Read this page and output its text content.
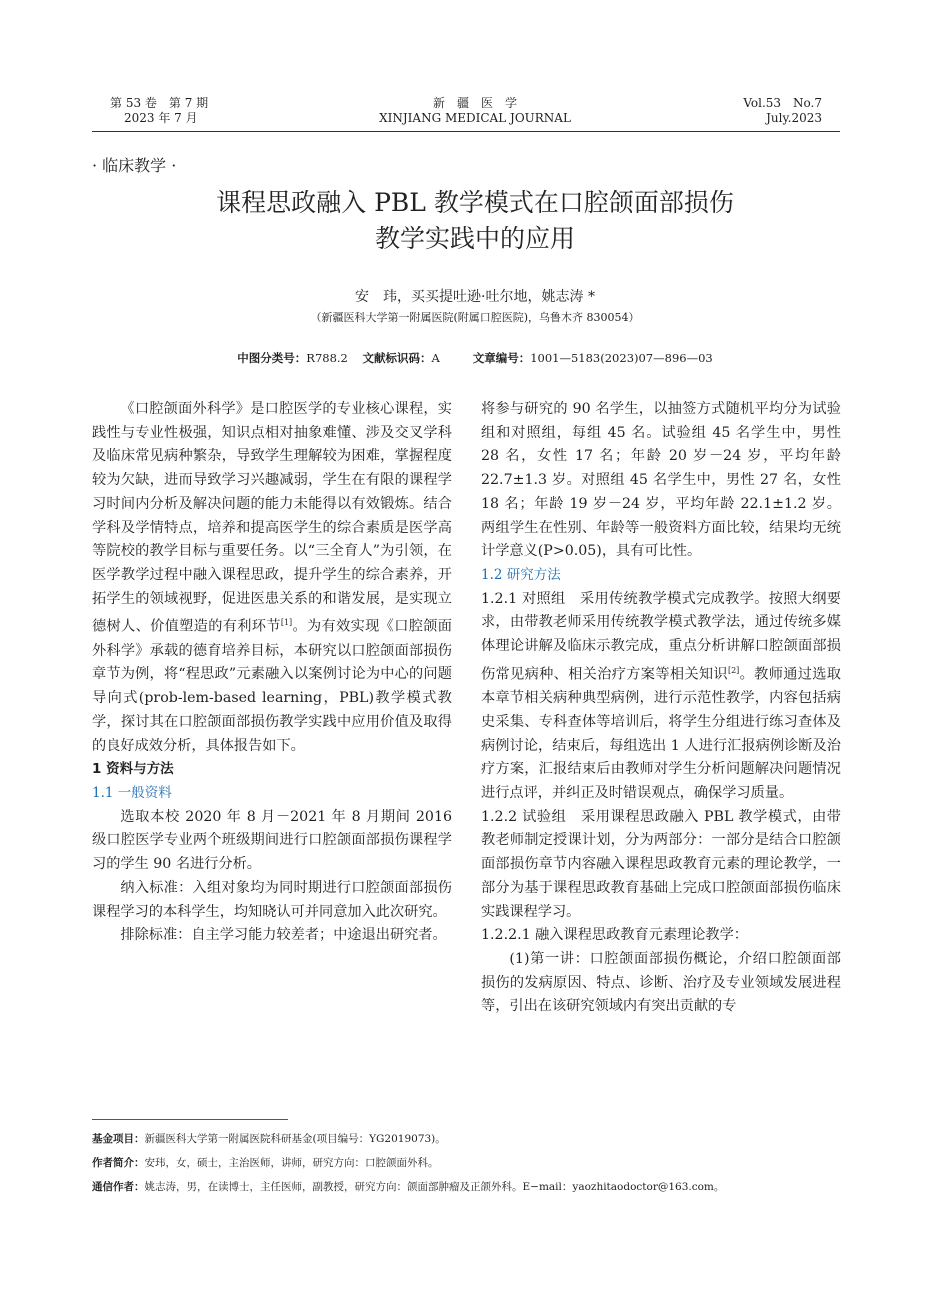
第 53 卷　第 7 期
2023 年 7 月
新　疆　医　学
XINJIANG MEDICAL JOURNAL
Vol.53　No.7
July.2023
· 临床教学 ·
课程思政融入 PBL 教学模式在口腔颌面部损伤
教学实践中的应用
安　玮，买买提吐逊·吐尔地，姚志涛 *
（新疆医科大学第一附属医院(附属口腔医院)，乌鲁木齐 830054）
中图分类号：R788.2 文献标识码：A	文章编号：1001—5183(2023)07—896—03

《口腔颌面外科学》是口腔医学的专业核心课程，实践性与专业性极强，知识点相对抽象难懂、涉及交叉学科及临床常见病种繁杂，导致学生理解较为困难，掌握程度较为欠缺，进而导致学习兴趣减弱，学生在有限的课程学习时间内分析及解决问题的能力未能得以有效锻炼。结合学科及学情特点，培养和提高医学生的综合素质是医学高等院校的教学目标与重要任务。以“三全育人”为引领，在医学教学过程中融入课程思政，提升学生的综合素养，开拓学生的领域视野，促进医患关系的和谐发展，是实现立德树人、价值塑造的有利环节[1]。为有效实现《口腔颌面外科学》承载的德育培养目标，本研究以口腔颌面部损伤章节为例，将“程思政”元素融入以案例讨论为中心的问题导向式(prob-lem-based learning，PBL)教学模式教学，探讨其在口腔颌面部损伤教学实践中应用价值及取得的良好成效分析，具体报告如下。

1 资料与方法

1.1 一般资料

选取本校 2020 年 8 月－2021 年 8 月期间 2016 级口腔医学专业两个班级期间进行口腔颌面部损伤课程学习的学生 90 名进行分析。

纳入标准：入组对象均为同时期进行口腔颌面部损伤课程学习的本科学生，均知晓认可并同意加入此次研究。

排除标准：自主学习能力较差者；中途退出研究者。

将参与研究的 90 名学生，以抽签方式随机平均分为试验组和对照组，每组 45 名。试验组 45 名学生中，男性 28 名，女性 17 名；年龄 20 岁－24 岁，平均年龄 22.7±1.3 岁。对照组 45 名学生中，男性 27 名，女性 18 名；年龄 19 岁－24 岁，平均年龄 22.1±1.2 岁。两组学生在性别、年龄等一般资料方面比较，结果均无统计学意义(P>0.05)，具有可比性。

1.2 研究方法

1.2.1 对照组　采用传统教学模式完成教学。按照大纲要求，由带教老师采用传统教学模式教学法，通过传统多媒体理论讲解及临床示教完成，重点分析讲解口腔颌面部损伤常见病种、相关治疗方案等相关知识[2]。教师通过选取本章节相关病种典型病例，进行示范性教学，内容包括病史采集、专科查体等培训后，将学生分组进行练习查体及病例讨论，结束后，每组选出 1 人进行汇报病例诊断及治疗方案，汇报结束后由教师对学生分析问题解决问题情况进行点评，并纠正及时错误观点，确保学习质量。

1.2.2 试验组　采用课程思政融入 PBL 教学模式，由带教老师制定授课计划，分为两部分：一部分是结合口腔颌面部损伤章节内容融入课程思政教育元素的理论教学，一部分为基于课程思政教育基础上完成口腔颌面部损伤临床实践课程学习。

1.2.2.1 融入课程思政教育元素理论教学：

(1)第一讲：口腔颌面部损伤概论，介绍口腔颌面部损伤的发病原因、特点、诊断、治疗及专业领域发展进程等，引出在该研究领域内有突出贡献的专

基金项目：新疆医科大学第一附属医院科研基金(项目编号：YG2019073)。
作者简介：安玮，女，硕士，主治医师，讲师，研究方向：口腔颌面外科。
通信作者：姚志涛，男，在读博士，主任医师，副教授，研究方向：颌面部肿瘤及正颌外科。E−mail：yaozhitaodoctor@163.com。
